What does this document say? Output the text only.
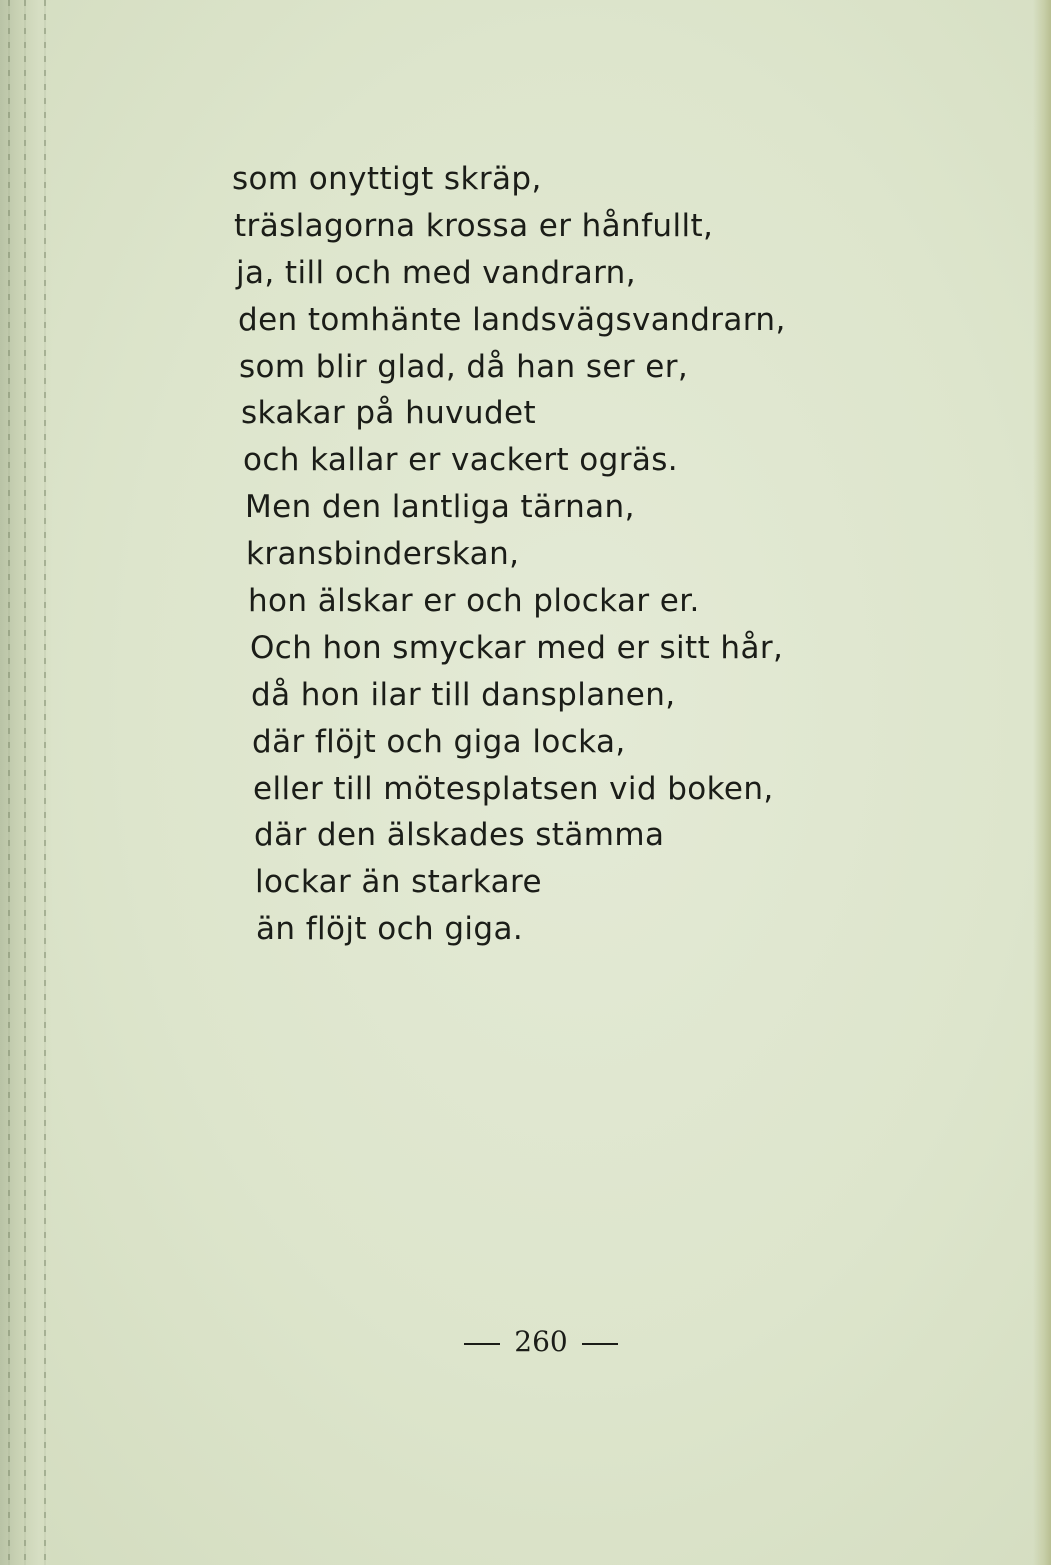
som onyttigt skräp,
träslagorna krossa er hånfullt,
ja, till och med vandrarn,
den tomhänte landsvägsvandrarn,
som blir glad, då han ser er,
skakar på huvudet
och kallar er vackert ogräs.
Men den lantliga tärnan,
kransbinderskan,
hon älskar er och plockar er.
Och hon smyckar med er sitt hår,
då hon ilar till dansplanen,
där flöjt och giga locka,
eller till mötesplatsen vid boken,
där den älskades stämma
lockar än starkare
än flöjt och giga.
260
